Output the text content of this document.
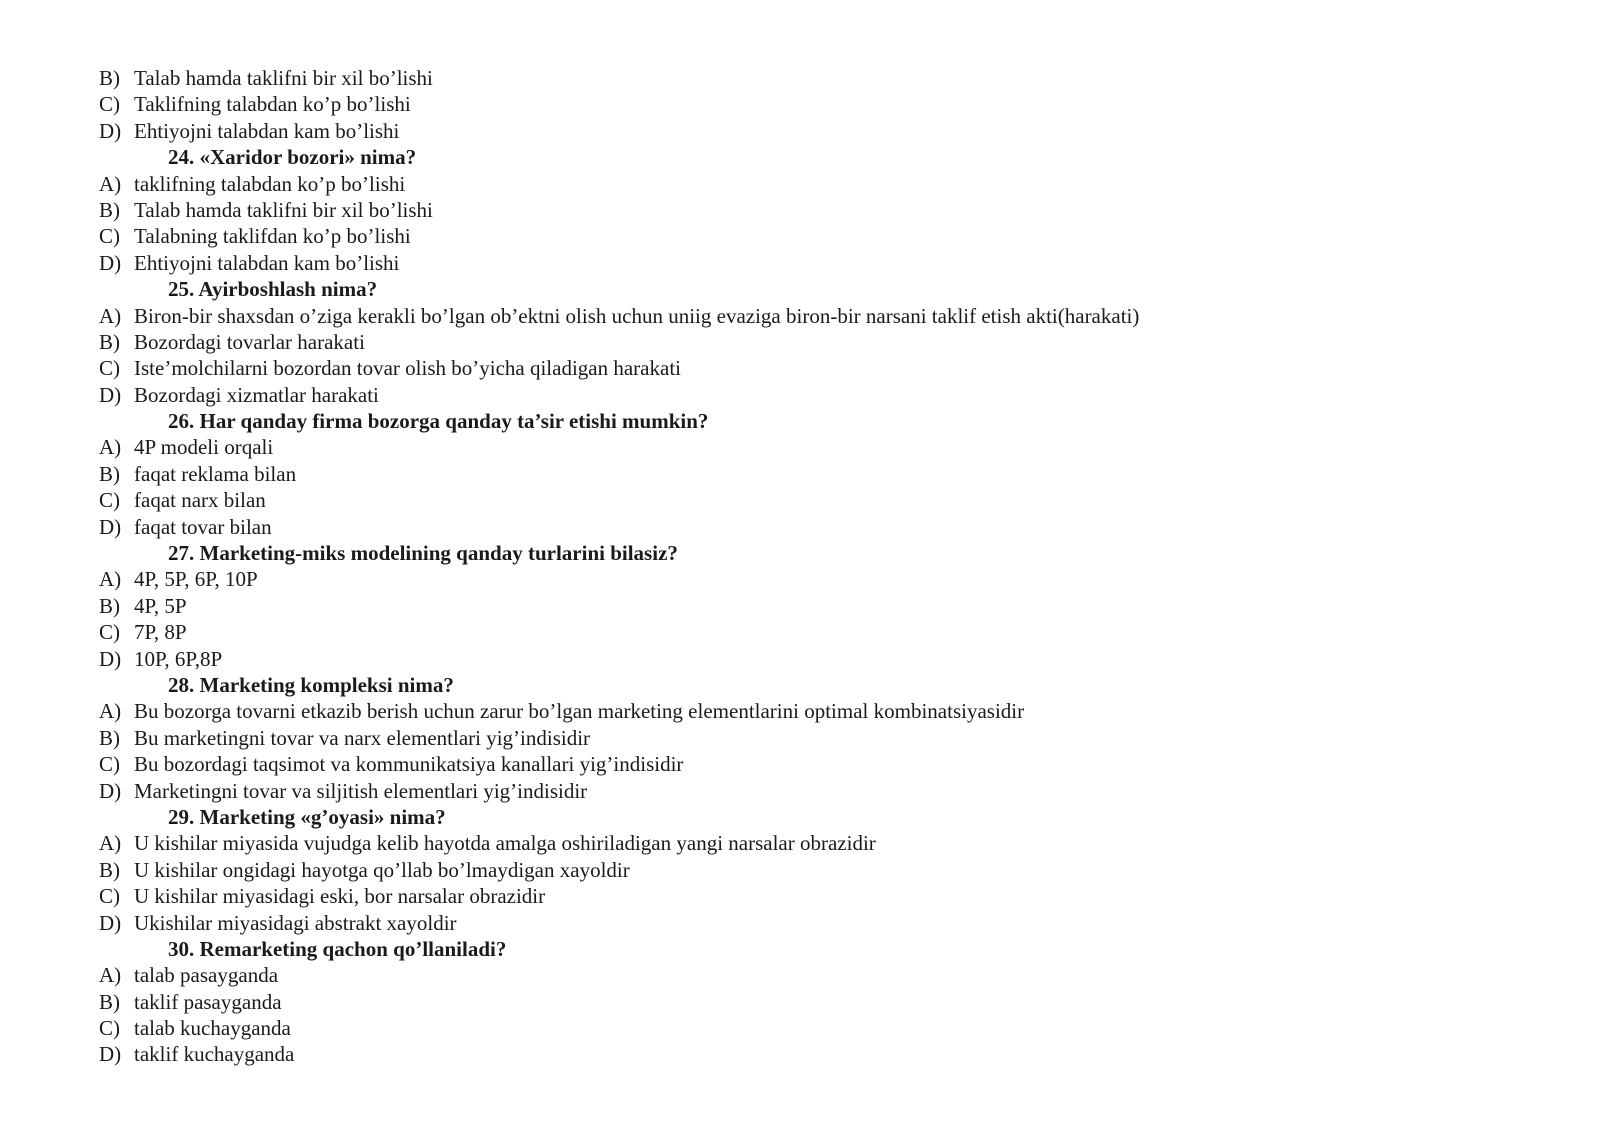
B) Talab hamda taklifni bir xil bo’lishi
C) Taklifning talabdan ko’p bo’lishi
D) Ehtiyojni talabdan kam bo’lishi
24. «Xaridor bozori» nima?
A) taklifning talabdan ko’p bo’lishi
B) Talab hamda taklifni bir xil bo’lishi
C) Talabning taklifdan ko’p bo’lishi
D) Ehtiyojni talabdan kam bo’lishi
25. Ayirboshlash nima?
A) Biron-bir shaxsdan o’ziga kerakli bo’lgan ob’ektni olish uchun uniig evaziga biron-bir narsani taklif etish akti(harakati)
B) Bozordagi tovarlar harakati
C) Iste’molchilarni bozordan tovar olish bo’yicha qiladigan harakati
D) Bozordagi xizmatlar harakati
26. Har qanday firma bozorga qanday ta’sir etishi mumkin?
A) 4P modeli orqali
B) faqat reklama bilan
C) faqat narx bilan
D) faqat tovar bilan
27. Marketing-miks modelining qanday turlarini bilasiz?
A) 4P, 5P, 6P, 10P
B) 4P, 5P
C) 7P, 8P
D) 10P, 6P,8P
28. Marketing kompleksi nima?
A) Bu bozorga tovarni etkazib berish uchun zarur bo’lgan marketing elementlarini optimal kombinatsiyasidir
B) Bu marketingni tovar va narx elementlari yig’indisidir
C) Bu bozordagi taqsimot va kommunikatsiya kanallari yig’indisidir
D) Marketingni tovar va siljitish elementlari yig’indisidir
29. Marketing «g’oyasi» nima?
A) U kishilar miyasida vujudga kelib hayotda amalga oshiriladigan yangi narsalar obrazidir
B) U kishilar ongidagi hayotga qo’llab bo’lmaydigan xayoldir
C) U kishilar miyasidagi eski, bor narsalar obrazidir
D) Ukishilar miyasidagi abstrakt xayoldir
30. Remarketing qachon qo’llaniladi?
A) talab pasayganda
B) taklif pasayganda
C) talab kuchayganda
D) taklif kuchayganda
